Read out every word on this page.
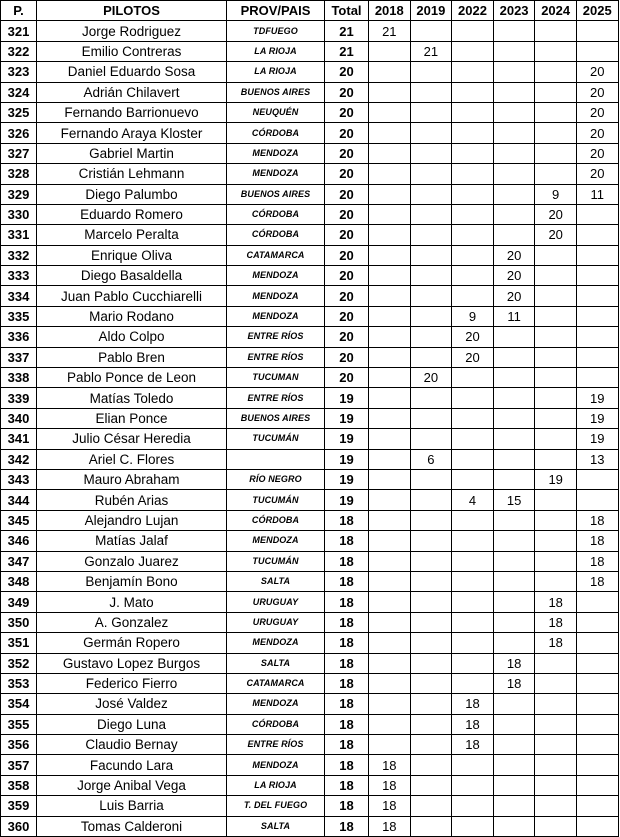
P.	PILOTOS	PROV/PAIS	Total	2018	2019	2022	2023	2024	2025
321	Jorge Rodriguez	TDFUEGO	21	21					
322	Emilio Contreras	LA RIOJA	21		21				
323	Daniel Eduardo Sosa	LA RIOJA	20						20
324	Adrián Chilavert	BUENOS AIRES	20						20
325	Fernando Barrionuevo	NEUQUÉN	20						20
326	Fernando Araya Kloster	CÓRDOBA	20						20
327	Gabriel Martin	MENDOZA	20						20
328	Cristián Lehmann	MENDOZA	20						20
329	Diego Palumbo	BUENOS AIRES	20					9	11
330	Eduardo Romero	CÓRDOBA	20					20	
331	Marcelo Peralta	CÓRDOBA	20					20	
332	Enrique Oliva	CATAMARCA	20				20		
333	Diego Basaldella	MENDOZA	20				20		
334	Juan Pablo Cucchiarelli	MENDOZA	20				20		
335	Mario Rodano	MENDOZA	20			9	11		
336	Aldo Colpo	ENTRE RÍOS	20			20			
337	Pablo Bren	ENTRE RÍOS	20			20			
338	Pablo Ponce de Leon	TUCUMAN	20		20				
339	Matías Toledo	ENTRE RÍOS	19						19
340	Elian Ponce	BUENOS AIRES	19						19
341	Julio César Heredia	TUCUMÁN	19						19
342	Ariel C. Flores		19		6				13
343	Mauro Abraham	RÍO NEGRO	19					19	
344	Rubén Arias	TUCUMÁN	19			4	15		
345	Alejandro Lujan	CÓRDOBA	18						18
346	Matías Jalaf	MENDOZA	18						18
347	Gonzalo Juarez	TUCUMÁN	18						18
348	Benjamín Bono	SALTA	18						18
349	J. Mato	URUGUAY	18					18	
350	A. Gonzalez	URUGUAY	18					18	
351	Germán Ropero	MENDOZA	18					18	
352	Gustavo Lopez Burgos	SALTA	18				18		
353	Federico Fierro	CATAMARCA	18				18		
354	José Valdez	MENDOZA	18			18			
355	Diego Luna	CÓRDOBA	18			18			
356	Claudio Bernay	ENTRE RÍOS	18			18			
357	Facundo Lara	MENDOZA	18	18					
358	Jorge Anibal Vega	LA RIOJA	18	18					
359	Luis Barria	T. DEL FUEGO	18	18					
360	Tomas Calderoni	SALTA	18	18					
